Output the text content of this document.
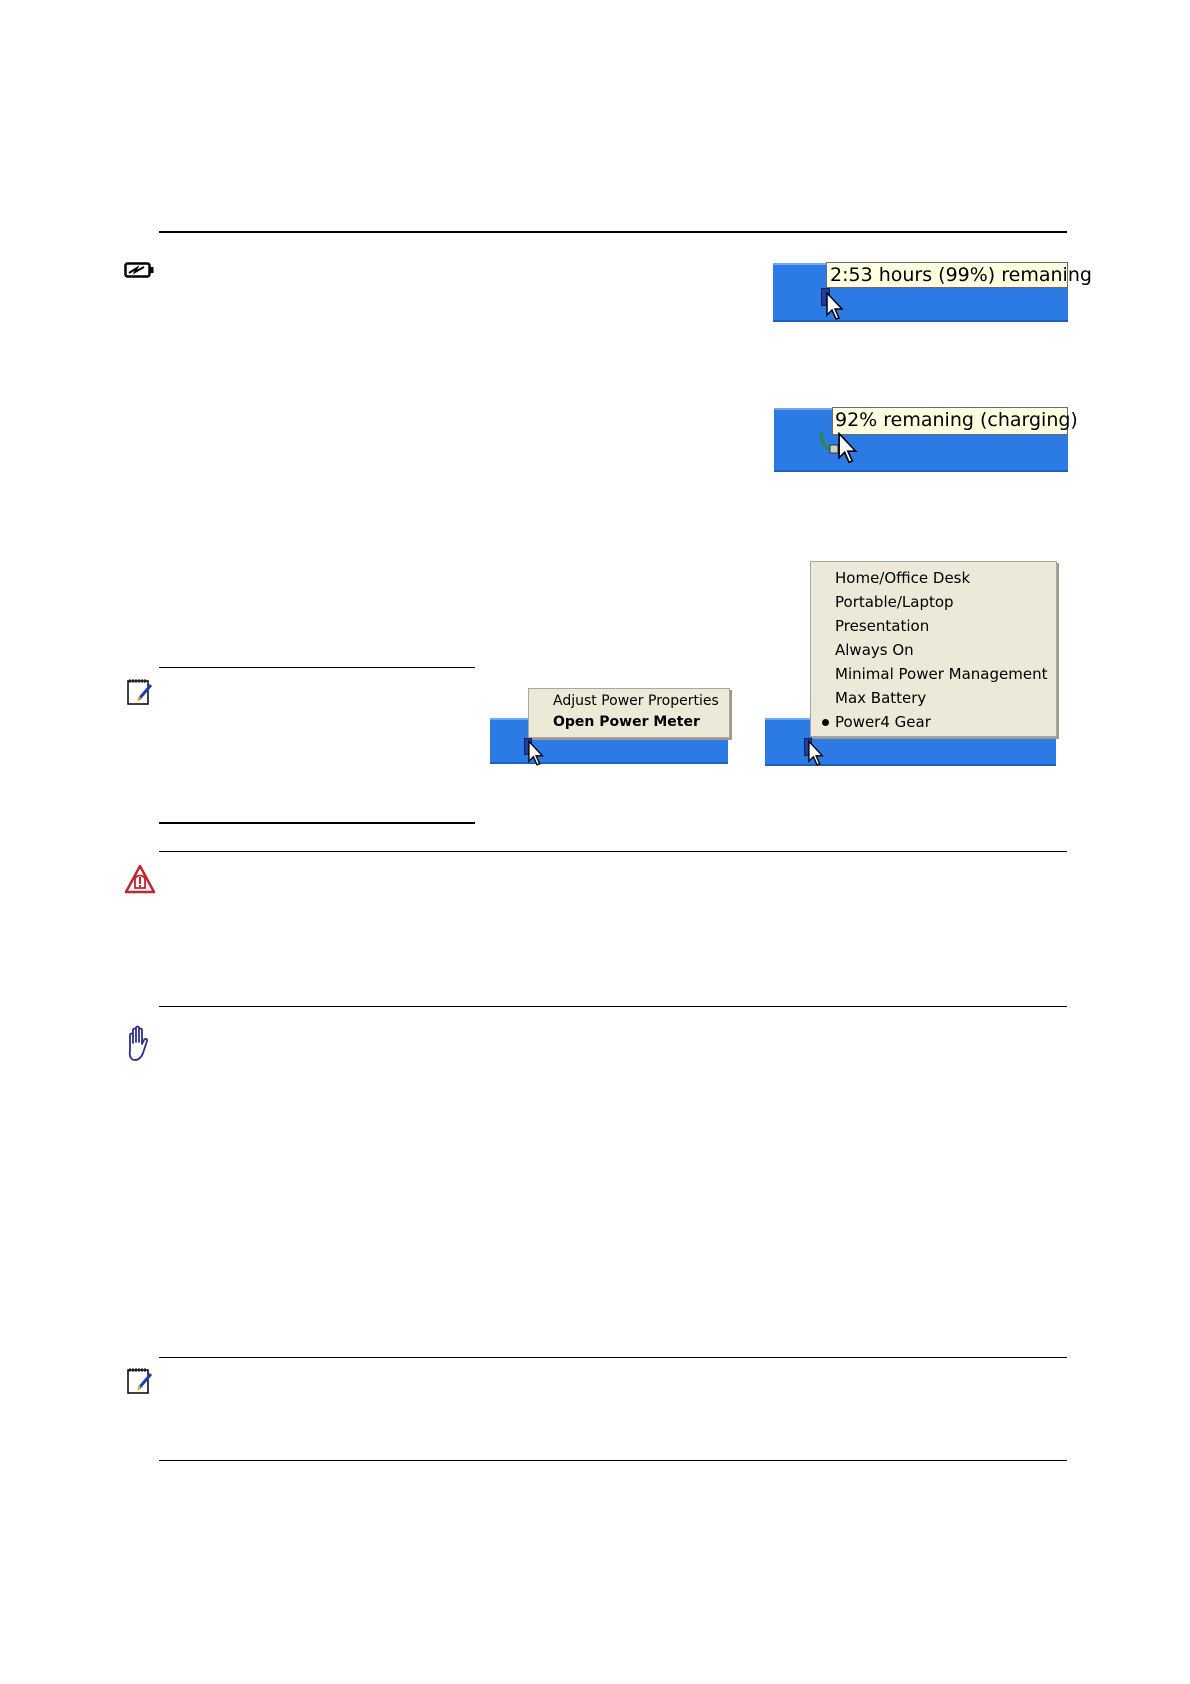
2:53 hours (99%) remaning
92% remaning (charging)
Adjust Power Properties
Open Power Meter
Home/Office Desk
Portable/Laptop
Presentation
Always On
Minimal Power Management
Max Battery
Power4 Gear
